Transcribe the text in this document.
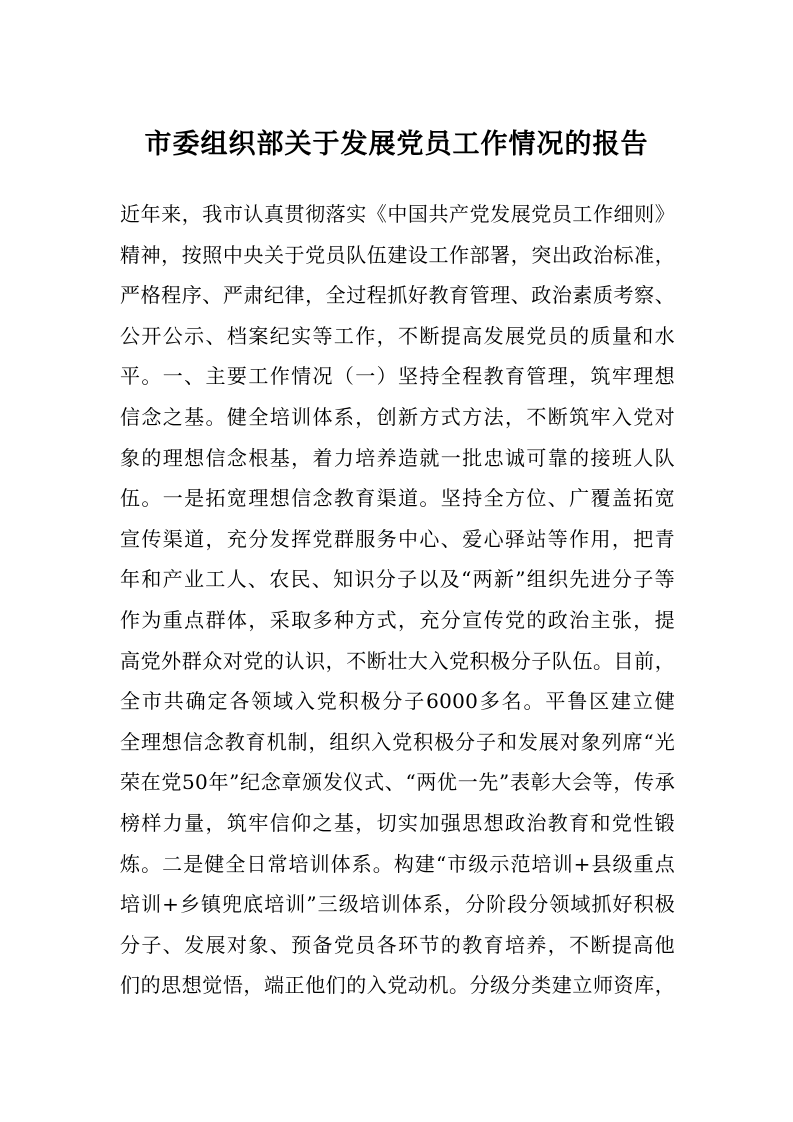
市委组织部关于发展党员工作情况的报告
近年来，我市认真贯彻落实《中国共产党发展党员工作细则》
精神，按照中央关于党员队伍建设工作部署，突出政治标准，
严格程序、严肃纪律，全过程抓好教育管理、政治素质考察、
公开公示、档案纪实等工作，不断提高发展党员的质量和水
平。一、主要工作情况（一）坚持全程教育管理，筑牢理想
信念之基。健全培训体系，创新方式方法，不断筑牢入党对
象的理想信念根基，着力培养造就一批忠诚可靠的接班人队
伍。一是拓宽理想信念教育渠道。坚持全方位、广覆盖拓宽
宣传渠道，充分发挥党群服务中心、爱心驿站等作用，把青
年和产业工人、农民、知识分子以及“两新”组织先进分子等
作为重点群体，采取多种方式，充分宣传党的政治主张，提
高党外群众对党的认识，不断壮大入党积极分子队伍。目前，
全市共确定各领域入党积极分子6000多名。平鲁区建立健
全理想信念教育机制，组织入党积极分子和发展对象列席“光
荣在党50年”纪念章颁发仪式、“两优一先”表彰大会等，传承
榜样力量，筑牢信仰之基，切实加强思想政治教育和党性锻
炼。二是健全日常培训体系。构建“市级示范培训+县级重点
培训+乡镇兜底培训”三级培训体系，分阶段分领域抓好积极
分子、发展对象、预备党员各环节的教育培养，不断提高他
们的思想觉悟，端正他们的入党动机。分级分类建立师资库，
